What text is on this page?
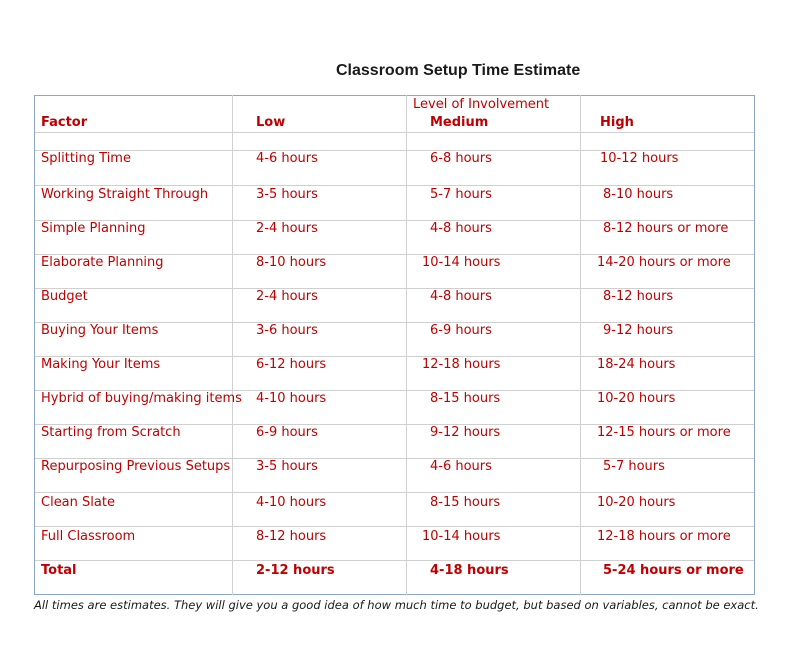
Classroom Setup Time Estimate
Level of Involvement
Factor	Low	Medium	High
Splitting Time	4-6 hours	6-8 hours	10-12 hours
Working Straight Through	3-5 hours	5-7 hours	8-10 hours
Simple Planning	2-4 hours	4-8 hours	8-12 hours or more
Elaborate Planning	8-10 hours	10-14 hours	14-20 hours or more
Budget	2-4 hours	4-8 hours	8-12 hours
Buying Your Items	3-6 hours	6-9 hours	9-12 hours
Making Your Items	6-12 hours	12-18 hours	18-24 hours
Hybrid of buying/making items 4-10 hours	8-15 hours	10-20 hours
Starting from Scratch	6-9 hours	9-12 hours	12-15 hours or more
Repurposing Previous Setups 3-5 hours	4-6 hours	5-7 hours
Clean Slate	4-10 hours	8-15 hours	10-20 hours
Full Classroom	8-12 hours	10-14 hours	12-18 hours or more
Total	2-12 hours	4-18 hours	5-24 hours or more
All times are estimates. They will give you a good idea of how much time to budget, but based on variables, cannot be exact.
